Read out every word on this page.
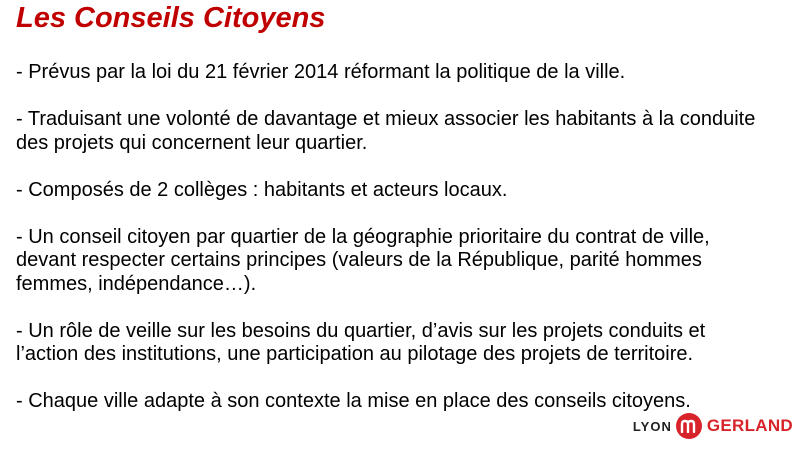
Les Conseils Citoyens
- Prévus par la loi du 21 février 2014 réformant la politique de la ville.
- Traduisant une volonté de davantage et mieux associer les habitants à la conduite des projets qui concernent leur quartier.
- Composés de 2 collèges : habitants et acteurs locaux.
- Un conseil citoyen par quartier de la géographie prioritaire du contrat de ville, devant respecter certains principes (valeurs de la République, parité hommes femmes, indépendance…).
- Un rôle de veille sur les besoins du quartier, d’avis sur les projets conduits et l’action des institutions, une participation au pilotage des projets de territoire.
- Chaque ville adapte à son contexte la mise en place des conseils citoyens.
LYON GERLAND
